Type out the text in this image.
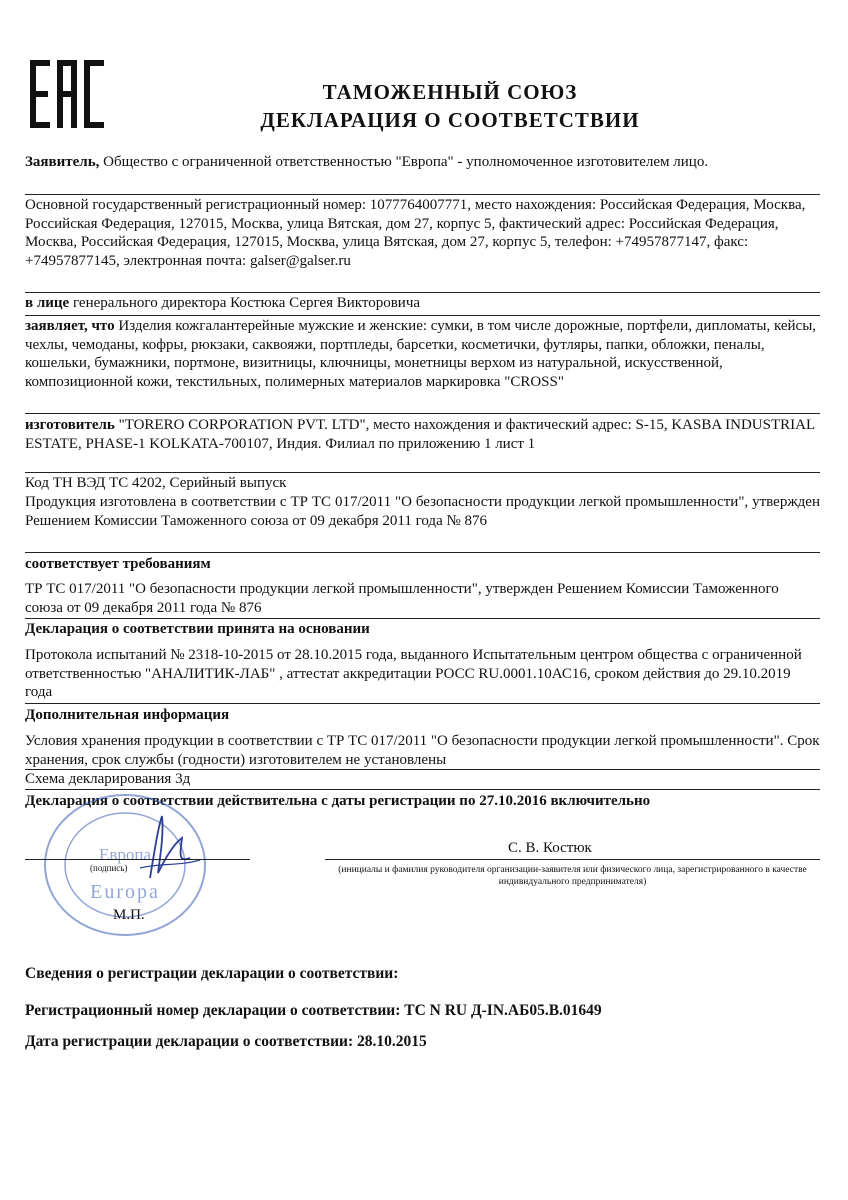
ТАМОЖЕННЫЙ СОЮЗ
ДЕКЛАРАЦИЯ О СООТВЕТСТВИИ
Заявитель, Общество с ограниченной ответственностью "Европа" - уполномоченное изготовителем лицо.
Основной государственный регистрационный номер: 1077764007771, место нахождения: Российская Федерация, Москва, Российская Федерация, 127015, Москва, улица Вятская, дом 27, корпус 5, фактический адрес: Российская Федерация, Москва, Российская Федерация, 127015, Москва, улица Вятская, дом 27, корпус 5, телефон: +74957877147, факс: +74957877145, электронная почта: galser@galser.ru
в лице генерального директора Костюка Сергея Викторовича
заявляет, что Изделия кожгалантерейные мужские и женские: сумки, в том числе дорожные, портфели, дипломаты, кейсы, чехлы, чемоданы, кофры, рюкзаки, саквояжи, портпледы, барсетки, косметички, футляры, папки, обложки, пеналы, кошельки, бумажники, портмоне, визитницы, ключницы, монетницы верхом из натуральной, искусственной, композиционной кожи, текстильных, полимерных материалов маркировка "CROSS"
изготовитель "TORERO CORPORATION PVT. LTD", место нахождения и фактический адрес: S-15, KASBA INDUSTRIAL ESTATE, PHASE-1 KOLKATA-700107, Индия. Филиал по приложению 1 лист 1
Код ТН ВЭД ТС 4202, Серийный выпуск
Продукция изготовлена в соответствии с ТР ТС 017/2011 "О безопасности продукции легкой промышленности", утвержден Решением Комиссии Таможенного союза от 09 декабря 2011 года № 876
соответствует требованиям
ТР ТС 017/2011 "О безопасности продукции легкой промышленности", утвержден Решением Комиссии Таможенного союза от 09 декабря 2011 года № 876
Декларация о соответствии принята на основании
Протокола испытаний № 2318-10-2015 от 28.10.2015 года, выданного Испытательным центром общества с ограниченной ответственностью "АНАЛИТИК-ЛАБ" , аттестат аккредитации РОСС RU.0001.10АС16, сроком действия до 29.10.2019 года
Дополнительная информация
Условия хранения продукции в соответствии с ТР ТС 017/2011 "О безопасности продукции легкой промышленности". Срок хранения, срок службы (годности) изготовителем не установлены
Схема декларирования 3д
Декларация о соответствии действительна с даты регистрации по 27.10.2016 включительно
Европа
Europa
(подпись)
С. В. Костюк
(инициалы и фамилия руководителя организации-заявителя или физического лица, зарегистрированного в качестве индивидуального предпринимателя)
М.П.
Сведения о регистрации декларации о соответствии:
Регистрационный номер декларации о соответствии: ТС N RU Д-IN.АБ05.В.01649
Дата регистрации декларации о соответствии: 28.10.2015
